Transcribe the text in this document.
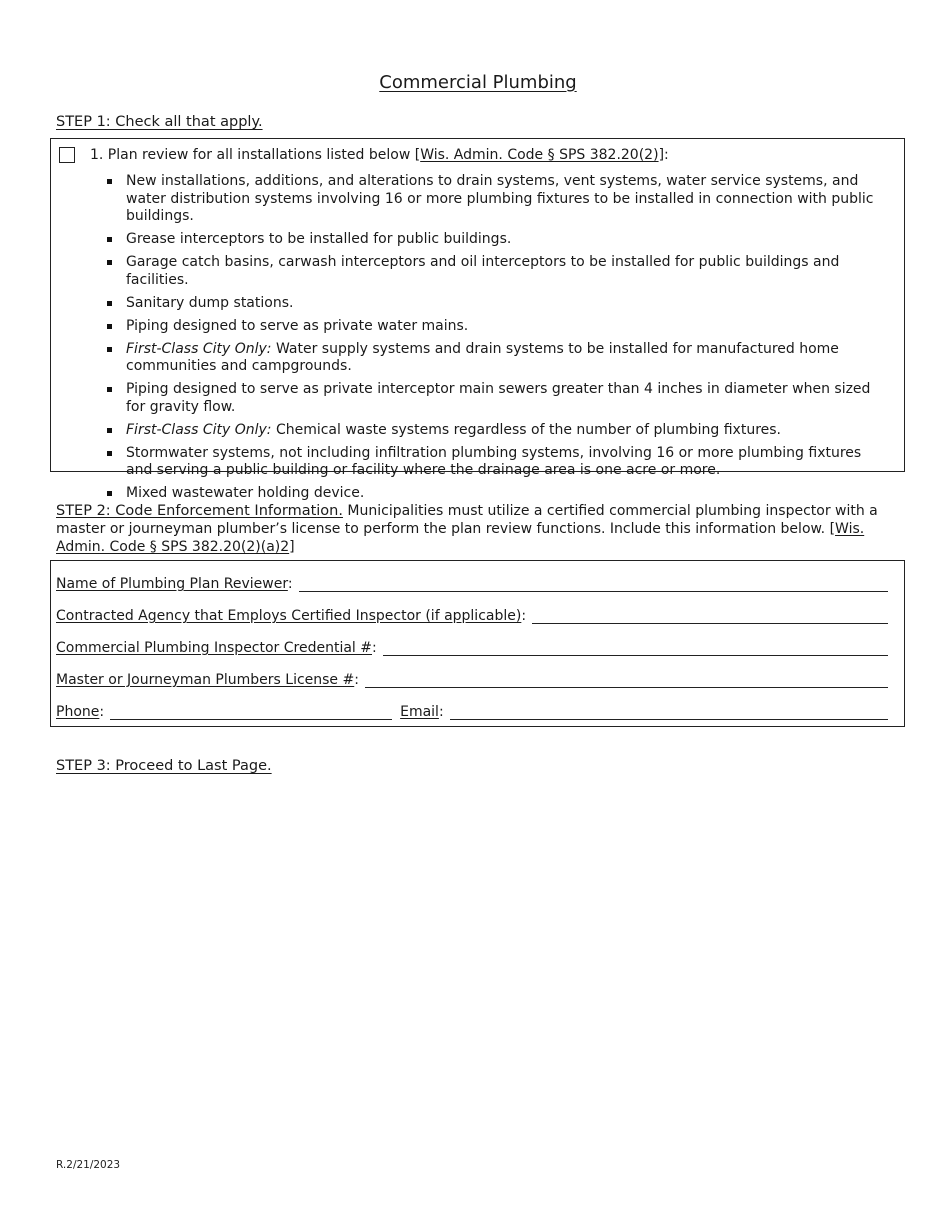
Commercial Plumbing
STEP 1: Check all that apply.
1. Plan review for all installations listed below [Wis. Admin. Code § SPS 382.20(2)]:
New installations, additions, and alterations to drain systems, vent systems, water service systems, and water distribution systems involving 16 or more plumbing fixtures to be installed in connection with public buildings.
Grease interceptors to be installed for public buildings.
Garage catch basins, carwash interceptors and oil interceptors to be installed for public buildings and facilities.
Sanitary dump stations.
Piping designed to serve as private water mains.
First-Class City Only: Water supply systems and drain systems to be installed for manufactured home communities and campgrounds.
Piping designed to serve as private interceptor main sewers greater than 4 inches in diameter when sized for gravity flow.
First-Class City Only: Chemical waste systems regardless of the number of plumbing fixtures.
Stormwater systems, not including infiltration plumbing systems, involving 16 or more plumbing fixtures and serving a public building or facility where the drainage area is one acre or more.
Mixed wastewater holding device.
STEP 2: Code Enforcement Information. Municipalities must utilize a certified commercial plumbing inspector with a master or journeyman plumber’s license to perform the plan review functions. Include this information below. [Wis. Admin. Code § SPS 382.20(2)(a)2]
Name of Plumbing Plan Reviewer:
Contracted Agency that Employs Certified Inspector (if applicable):
Commercial Plumbing Inspector Credential #:
Master or Journeyman Plumbers License #:
Phone:	Email:
STEP 3: Proceed to Last Page.
R.2/21/2023
